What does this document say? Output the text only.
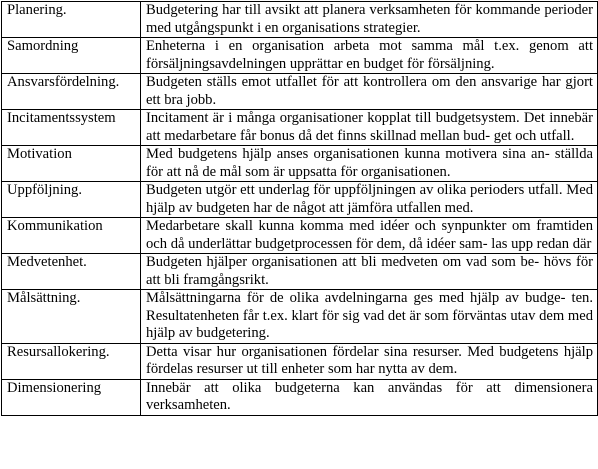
Planering.	Budgetering har till avsikt att planera verksamheten för kommande perioder med utgångspunkt i en organisations strategier.
Samordning	Enheterna i en organisation arbeta mot samma mål t.ex. genom att försäljningsavdelningen upprättar en budget för försäljning.
Ansvarsfördelning.	Budgeten ställs emot utfallet för att kontrollera om den ansvarige har gjort ett bra jobb.
Incitamentssystem	Incitament är i många organisationer kopplat till budgetsystem. Det innebär att medarbetare får bonus då det finns skillnad mellan bud- get och utfall.
Motivation	Med budgetens hjälp anses organisationen kunna motivera sina an- ställda för att nå de mål som är uppsatta för organisationen.
Uppföljning.	Budgeten utgör ett underlag för uppföljningen av olika perioders utfall. Med hjälp av budgeten har de något att jämföra utfallen med.
Kommunikation	Medarbetare skall kunna komma med idéer och synpunkter om framtiden och då underlättar budgetprocessen för dem, då idéer sam- las upp redan där
Medvetenhet.	Budgeten hjälper organisationen att bli medveten om vad som be- hövs för att bli framgångsrikt.
Målsättning.	Målsättningarna för de olika avdelningarna ges med hjälp av budge- ten. Resultatenheten får t.ex. klart för sig vad det är som förväntas utav dem med hjälp av budgetering.
Resursallokering.	Detta visar hur organisationen fördelar sina resurser. Med budgetens hjälp fördelas resurser ut till enheter som har nytta av dem.
Dimensionering	Innebär att olika budgeterna kan användas för att dimensionera verksamheten.
